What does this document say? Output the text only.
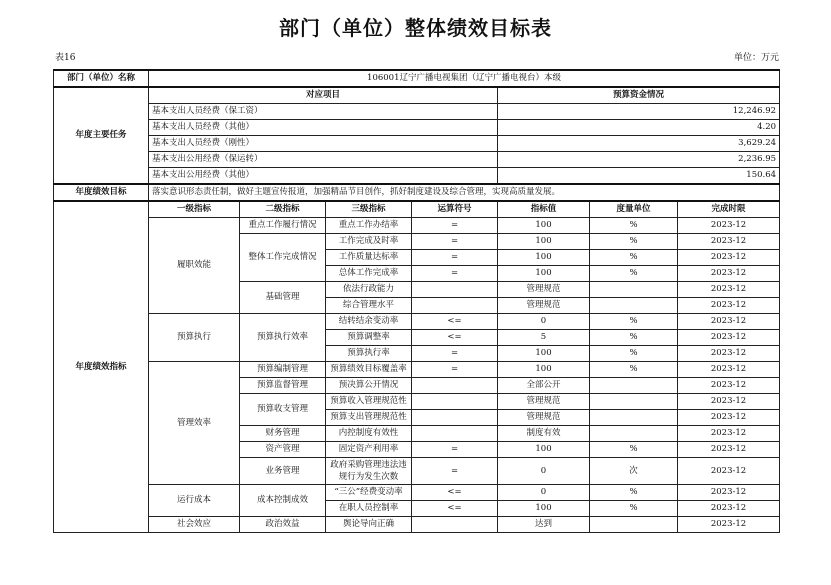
部门（单位）整体绩效目标表
表16	单位：万元
部门（单位）名称	106001辽宁广播电视集团（辽宁广播电视台）本级						
年度主要任务	对应项目				预算资金情况		
	基本支出人员经费（保工资）				12,246.92		
	基本支出人员经费（其他）				4.20		
	基本支出人员经费（刚性）				3,629.24		
	基本支出公用经费（保运转）				2,236.95		
	基本支出公用经费（其他）				150.64		
年度绩效目标	落实意识形态责任制，做好主题宣传报道，加强精品节目创作，抓好制度建设及综合管理，实现高质量发展。						
年度绩效指标	一级指标	二级指标	三级指标	运算符号	指标值	度量单位	完成时限
	履职效能	重点工作履行情况	重点工作办结率	=	100	%	2023-12
		整体工作完成情况	工作完成及时率	=	100	%	2023-12
			工作质量达标率	=	100	%	2023-12
			总体工作完成率	=	100	%	2023-12
		基础管理	依法行政能力		管理规范		2023-12
			综合管理水平		管理规范		2023-12
	预算执行	预算执行效率	结转结余变动率	<=	0	%	2023-12
			预算调整率	<=	5	%	2023-12
			预算执行率	=	100	%	2023-12
	管理效率	预算编制管理	预算绩效目标覆盖率	=	100	%	2023-12
		预算监督管理	预决算公开情况		全部公开		2023-12
		预算收支管理	预算收入管理规范性		管理规范		2023-12
			预算支出管理规范性		管理规范		2023-12
		财务管理	内控制度有效性		制度有效		2023-12
		资产管理	固定资产利用率	=	100	%	2023-12
		业务管理	政府采购管理违法违规行为发生次数	=	0	次	2023-12
	运行成本	成本控制成效	“三公”经费变动率	<=	0	%	2023-12
			在职人员控制率	<=	100	%	2023-12
	社会效应	政治效益	舆论导向正确		达到		2023-12
